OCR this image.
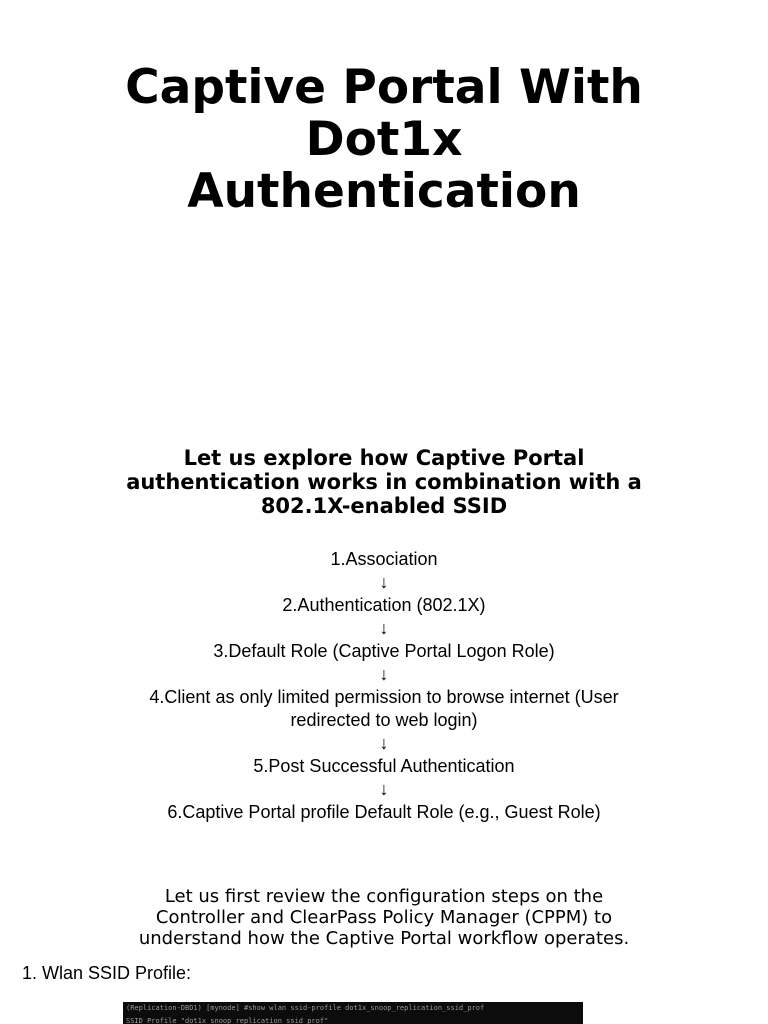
Captive Portal With
Dot1x
Authentication
Let us explore how Captive Portal
authentication works in combination with a
802.1X-enabled SSID
1.Association
↓
2.Authentication (802.1X)
↓
3.Default Role (Captive Portal Logon Role)
↓
4.Client as only limited permission to browse internet (User
redirected to web login)
↓
5.Post Successful Authentication
↓
6.Captive Portal profile Default Role (e.g., Guest Role)

Let us first review the configuration steps on the
Controller and ClearPass Policy Manager (CPPM) to
understand how the Captive Portal workflow operates.

1. Wlan SSID Profile:
(Replication-DBD1) [mynode] #show wlan ssid-profile dot1x_snoop_replication_ssid_prof
SSID Profile "dot1x_snoop_replication_ssid_prof"
